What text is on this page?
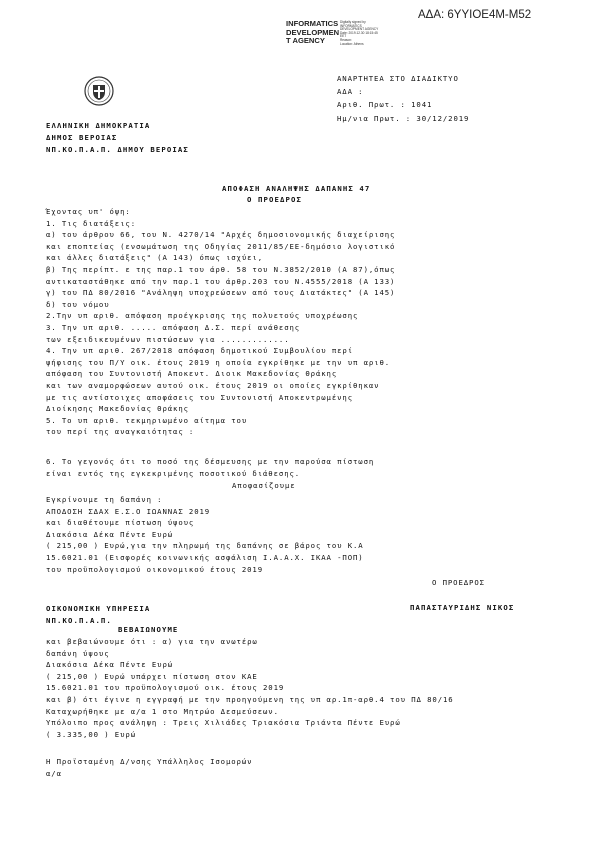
ΑΔΑ: 6ΥΥΙΟΕ4Μ-Μ52
INFORMATICS
DEVELOPMEN
T AGENCY
Digitally signed by
INFORMATICS
DEVELOPMENT AGENCY
Date: 2019.12.30 18:15:45
EET
Reason:
Location: Athens
ΑΝΑΡΤΗΤΕΑ ΣΤΟ ΔΙΑΔΙΚΤΥΟ
ΑΔΑ :
Αριθ. Πρωτ. : 1041
Ημ/νια Πρωτ. : 30/12/2019
ΕΛΛΗΝΙΚΗ ΔΗΜΟΚΡΑΤΙΑ
ΔΗΜΟΣ ΒΕΡΟΙΑΣ
ΝΠ.ΚΟ.Π.Α.Π. ΔΗΜΟΥ ΒΕΡΟΙΑΣ
ΑΠΟΦΑΣΗ ΑΝΑΛΗΨΗΣ ΔΑΠΑΝΗΣ 47
Ο ΠΡΟΕΔΡΟΣ
Έχοντας υπ' όψη:
1. Τις διατάξεις:
α) του άρθρου 66, του Ν. 4270/14 "Αρχές δημοσιονομικής διαχείρισης
και εποπτείας (ενσωμάτωση της Οδηγίας 2011/85/ΕΕ-δημόσιο λογιστικό
και άλλες διατάξεις" (Α 143) όπως ισχύει,
β) Της περίπτ. ε της παρ.1 του άρθ. 58 του Ν.3852/2010 (Α 87),όπως
αντικαταστάθηκε από την παρ.1 του άρθρ.203 του Ν.4555/2018 (Α 133)
γ) του ΠΔ 80/2016 "Ανάληψη υποχρεώσεων από τους Διατάκτες" (Α 145)
δ) του νόμου
2.Την υπ αριθ. απόφαση προέγκρισης της πολυετούς υποχρέωσης
3. Την υπ αριθ. ..... απόφαση Δ.Σ. περί ανάθεσης
των εξειδικευμένων πιστώσεων για .............
4. Την υπ αριθ. 267/2018 απόφαση δημοτικού Συμβουλίου περί
ψήφισης του Π/Υ οικ. έτους 2019 η οποία εγκρίθηκε με την υπ αριθ.
απόφαση του Συντονιστή Αποκεντ. Διοικ Μακεδονίας Θράκης
και των αναμορφώσεων αυτού οικ. έτους 2019 οι οποίες εγκρίθηκαν
με τις αντίστοιχες αποφάσεις του Συντονιστή Αποκεντρωμένης
Διοίκησης Μακεδονίας Θράκης
5. Το υπ αριθ. τεκμηριωμένο αίτημα του
του περί της αναγκαιότητας :
6. Το γεγονός ότι το ποσό της δέσμευσης με την παρούσα πίστωση
είναι εντός της εγκεκριμένης ποσοτικού διάθεσης.
Αποφασίζουμε
Εγκρίνουμε τη δαπάνη :
ΑΠΟΔΟΣΗ ΣΔΑΧ Ε.Σ.Ο ΙΩΑΝΝΑΣ 2019
και διαθέτουμε πίστωση ύψους
Διακόσια Δέκα Πέντε Ευρώ
( 215,00 ) Ευρώ,για την πληρωμή της δαπάνης σε βάρος του Κ.Α
15.6021.01 (Εισφορές κοινωνικής ασφάλιση Ι.Α.Α.Χ. ΙΚΑΑ -ΠΟΠ)
του προϋπολογισμού οικονομικού έτους 2019
Ο ΠΡΟΕΔΡΟΣ
ΟΙΚΟΝΟΜΙΚΗ ΥΠΗΡΕΣΙΑ
ΝΠ.ΚΟ.Π.Α.Π.
ΠΑΠΑΣΤΑΥΡΙΔΗΣ ΝΙΚΟΣ
ΒΕΒΑΙΩΝΟΥΜΕ
και βεβαιώνουμε ότι : α) για την ανωτέρω
δαπάνη ύψους
Διακόσια Δέκα Πέντε Ευρώ
( 215,00 ) Ευρώ υπάρχει πίστωση στον ΚΑΕ
15.6021.01 του προϋπολογισμού οικ. έτους 2019
και β) ότι έγινε η εγγραφή με την προηγούμενη της υπ αρ.1π-αρθ.4 του ΠΔ 80/16
Καταχωρήθηκε με α/α 1 στο Μητρώο Δεσμεύσεων.
Υπόλοιπο προς ανάληψη : Τρεις Χιλιάδες Τριακόσια Τριάντα Πέντε Ευρώ
( 3.335,00 ) Ευρώ
Η Προϊσταμένη Δ/νσης Υπάλληλος Ισομορών
α/α
